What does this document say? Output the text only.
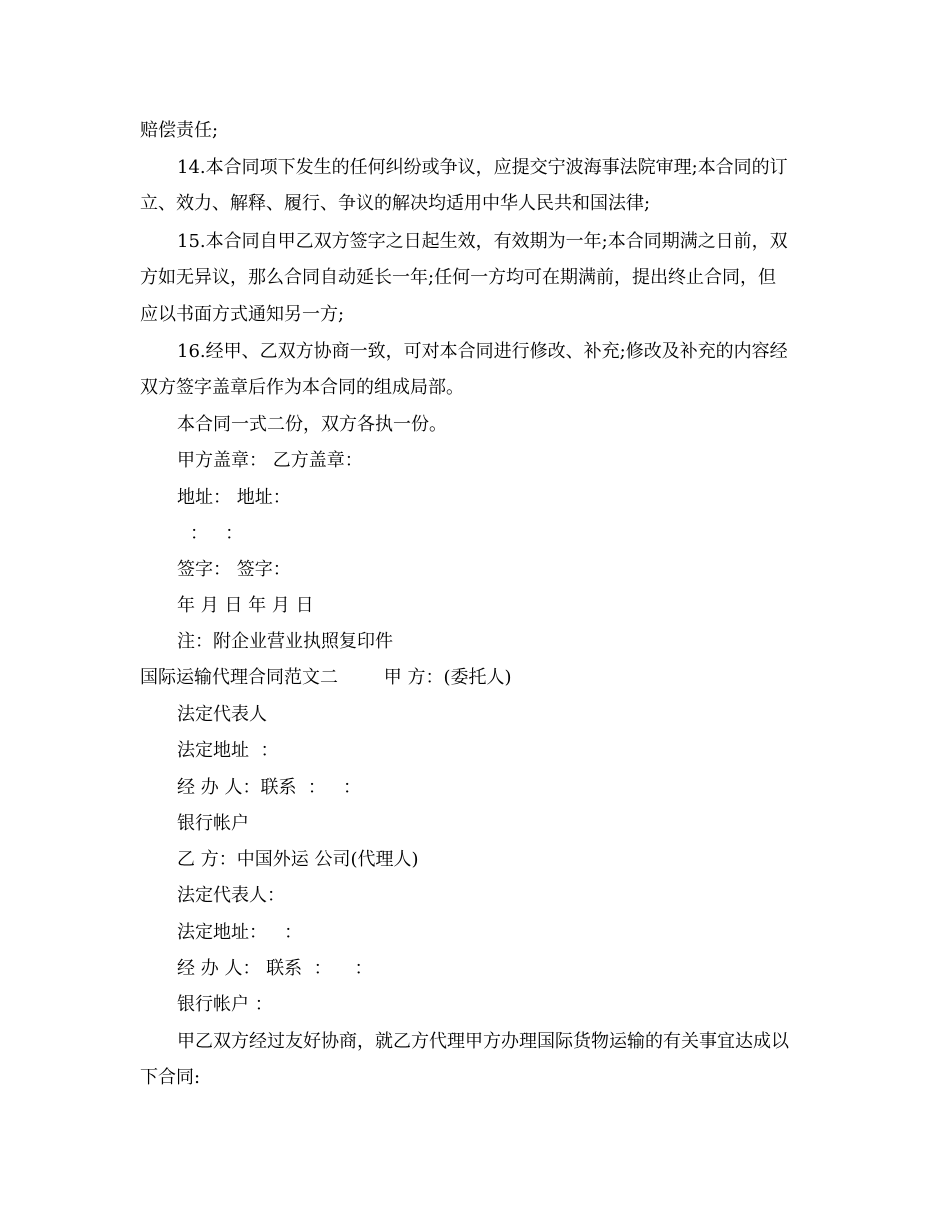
赔偿责任;
14.本合同项下发生的任何纠纷或争议，应提交宁波海事法院审理;本合同的订
立、效力、解释、履行、争议的解决均适用中华人民共和国法律;
15.本合同自甲乙双方签字之日起生效，有效期为一年;本合同期满之日前，双
方如无异议，那么合同自动延长一年;任何一方均可在期满前，提出终止合同，但
应以书面方式通知另一方;
16.经甲、乙双方协商一致，可对本合同进行修改、补充;修改及补充的内容经
双方签字盖章后作为本合同的组成局部。
本合同一式二份，双方各执一份。
甲方盖章： 乙方盖章：
地址： 地址：
：   ：
签字： 签字：
年 月 日 年 月 日
注：附企业营业执照复印件
国际运输代理合同范文二        甲 方：(委托人)
法定代表人
法定地址  ：
经 办 人：联系  ：   ：
银行帐户
乙 方：中国外运 公司(代理人)
法定代表人：
法定地址：   ：
经 办 人： 联系  ：    ：
银行帐户 ：
甲乙双方经过友好协商，就乙方代理甲方办理国际货物运输的有关事宜达成以
下合同:
